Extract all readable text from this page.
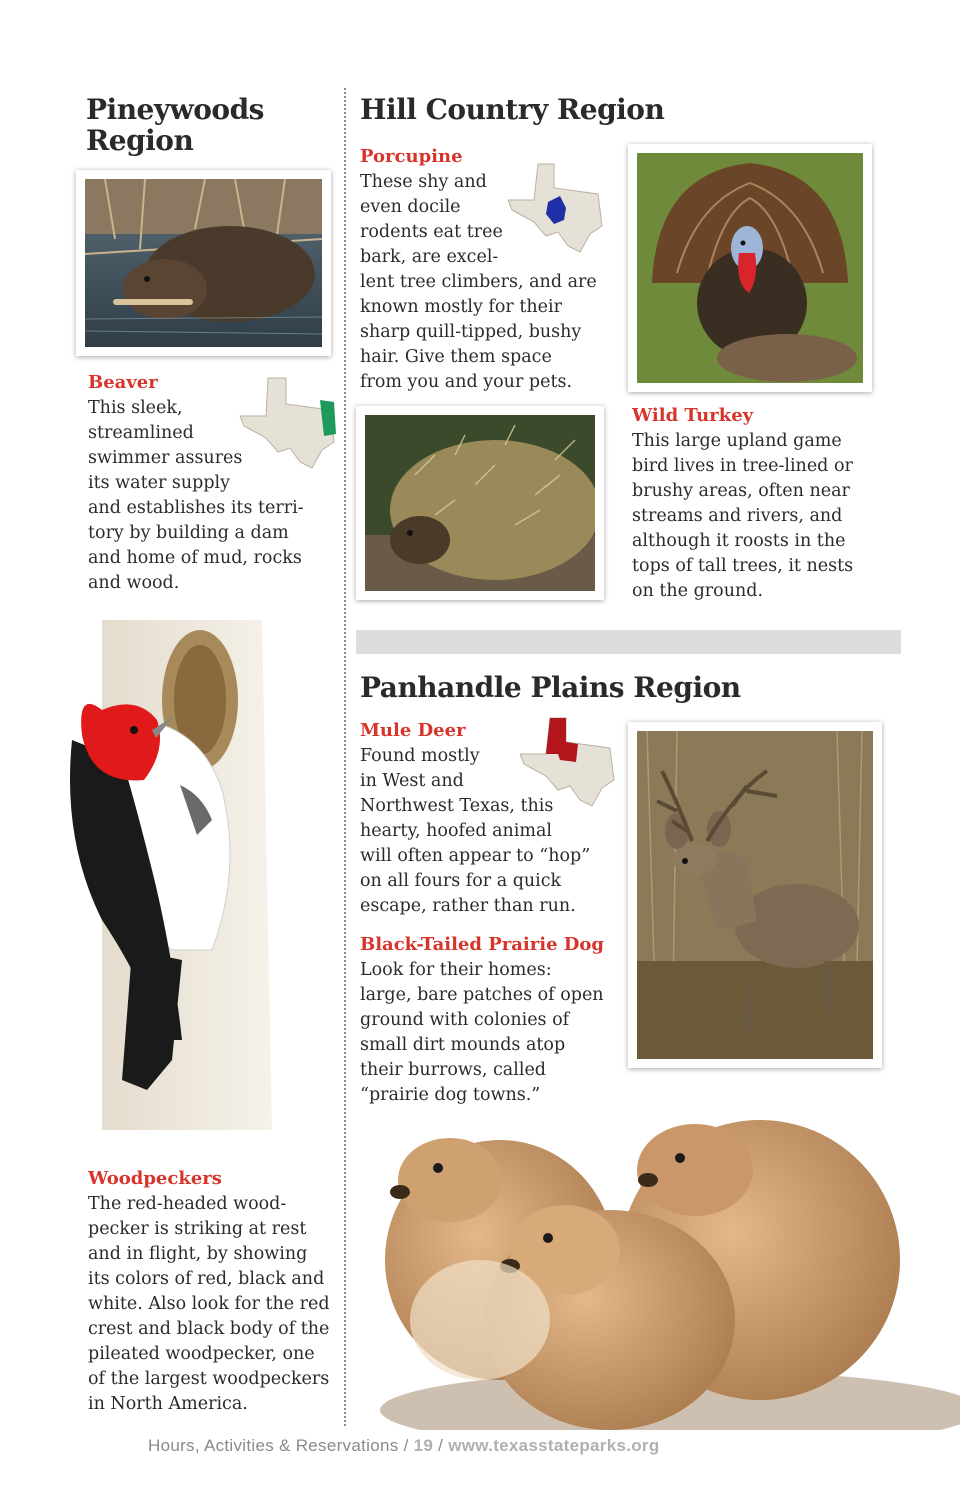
Pineywoods
Region
Beaver
This sleek,
streamlined
swimmer assures
its water supply
and establishes its terri-
tory by building a dam
and home of mud, rocks
and wood.
Woodpeckers
The red-headed wood-
pecker is striking at rest
and in flight, by showing
its colors of red, black and
white. Also look for the red
crest and black body of the
pileated woodpecker, one
of the largest woodpeckers
in North America.
Hill Country Region
Porcupine
These shy and
even docile
rodents eat tree
bark, are excel-
lent tree climbers, and are
known mostly for their
sharp quill-tipped, bushy
hair. Give them space
from you and your pets.
Wild Turkey
This large upland game
bird lives in tree-lined or
brushy areas, often near
streams and rivers, and
although it roosts in the
tops of tall trees, it nests
on the ground.
Panhandle Plains Region
Mule Deer
Found mostly
in West and
Northwest Texas, this
hearty, hoofed animal
will often appear to “hop”
on all fours for a quick
escape, rather than run.
Black-Tailed Prairie Dog
Look for their homes:
large, bare patches of open
ground with colonies of
small dirt mounds atop
their burrows, called
“prairie dog towns.”
Hours, Activities & Reservations / 19 / www.texasstateparks.org
